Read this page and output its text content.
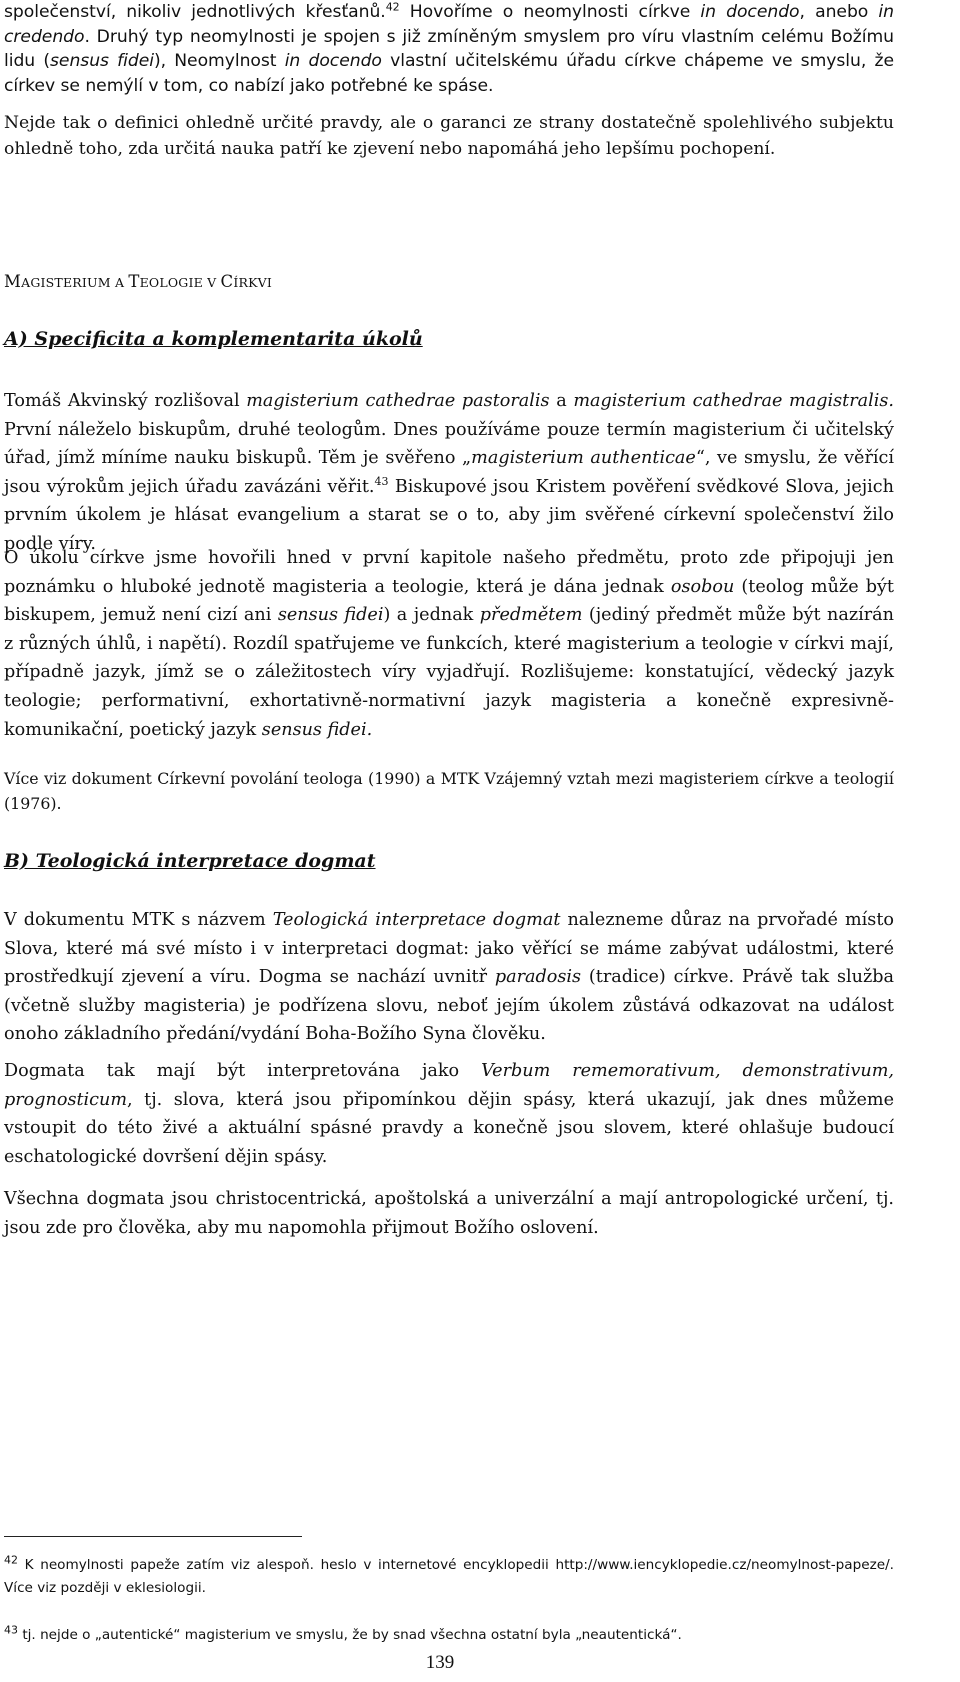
společenství, nikoliv jednotlivých křesťanů.$^{42}$ Hovoříme o neomylnosti církve in docendo, anebo in credendo. Druhý typ neomylnosti je spojen s již zmíněným smyslem pro víru vlastním celému Božímu lidu (sensus fidei), Neomylnost in docendo vlastní učitelskému úřadu církve chápeme ve smyslu, že církev se nemýlí v tom, co nabízí jako potřebné ke spáse.

Nejde tak o definici ohledně určité pravdy, ale o garanci ze strany dostatečně spolehlivého subjektu ohledně toho, zda určitá nauka patří ke zjevení nebo napomáhá jeho lepšímu pochopení.

MAGISTERIUM A TEOLOGIE V CÍRKVI
A) Specificita a komplementarita úkolů

Tomáš Akvinský rozlišoval magisterium cathedrae pastoralis a magisterium cathedrae magistralis. První náleželo biskupům, druhé teologům. Dnes používáme pouze termín magisterium či učitelský úřad, jímž míníme nauku biskupů. Těm je svěřeno „magisterium authenticae“, ve smyslu, že věřící jsou výrokům jejich úřadu zavázáni věřit.$^{43}$ Biskupové jsou Kristem pověření svědkové Slova, jejich prvním úkolem je hlásat evangelium a starat se o to, aby jim svěřené církevní společenství žilo podle víry.

O úkolu církve jsme hovořili hned v první kapitole našeho předmětu, proto zde připojuji jen poznámku o hluboké jednotě magisteria a teologie, která je dána jednak osobou (teolog může být biskupem, jemuž není cizí ani sensus fidei) a jednak předmětem (jediný předmět může být nazírán z různých úhlů, i napětí). Rozdíl spatřujeme ve funkcích, které magisterium a teologie v církvi mají, případně jazyk, jímž se o záležitostech víry vyjadřují. Rozlišujeme: konstatující, vědecký jazyk teologie; performativní, exhortativně-normativní jazyk magisteria a konečně expresivně-komunikační, poetický jazyk sensus fidei.

Více viz dokument Církevní povolání teologa (1990) a MTK Vzájemný vztah mezi magisteriem církve a teologií (1976).

B) Teologická interpretace dogmat

V dokumentu MTK s názvem Teologická interpretace dogmat nalezneme důraz na prvořadé místo Slova, které má své místo i v interpretaci dogmat: jako věřící se máme zabývat událostmi, které prostředkují zjevení a víru. Dogma se nachází uvnitř paradosis (tradice) církve. Právě tak služba (včetně služby magisteria) je podřízena slovu, neboť jejím úkolem zůstává odkazovat na událost onoho základního předání/vydání Boha-Božího Syna člověku.

Dogmata tak mají být interpretována jako Verbum rememorativum, demonstrativum, prognosticum, tj. slova, která jsou připomínkou dějin spásy, která ukazují, jak dnes můžeme vstoupit do této živé a aktuální spásné pravdy a konečně jsou slovem, které ohlašuje budoucí eschatologické dovršení dějin spásy.

Všechna dogmata jsou christocentrická, apoštolská a univerzální a mají antropologické určení, tj. jsou zde pro člověka, aby mu napomohla přijmout Božího oslovení.

$^{42}$ K neomylnosti papeže zatím viz alespoň. heslo v internetové encyklopedii http://www.iencyklopedie.cz/neomylnost-papeze/. Více viz později v eklesiologii.

$^{43}$ tj. nejde o „autentické“ magisterium ve smyslu, že by snad všechna ostatní byla „neautentická“.

139
